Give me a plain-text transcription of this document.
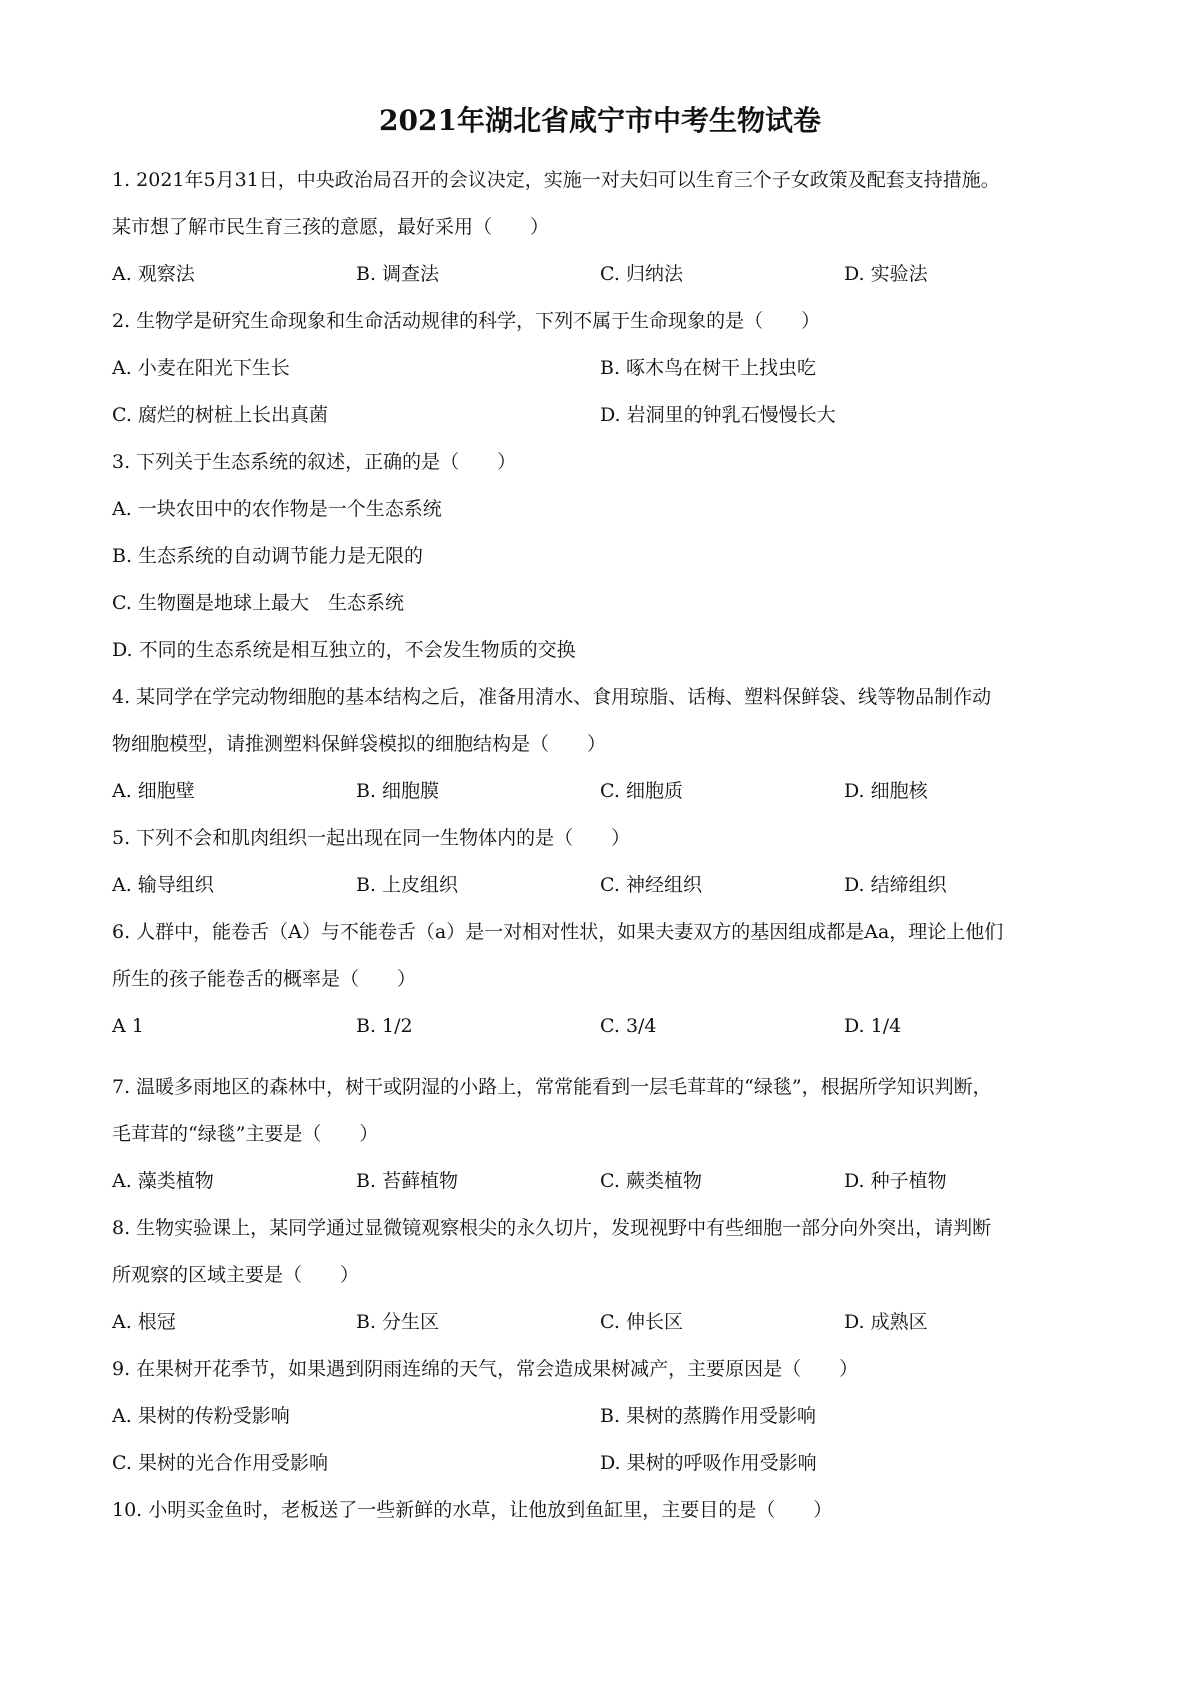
2021年湖北省咸宁市中考生物试卷
1. 2021年5月31日，中央政治局召开的会议决定，实施一对夫妇可以生育三个子女政策及配套支持措施。
某市想了解市民生育三孩的意愿，最好采用（　　）
A. 观察法	B. 调查法	C. 归纳法	D. 实验法
2. 生物学是研究生命现象和生命活动规律的科学，下列不属于生命现象的是（　　）
A. 小麦在阳光下生长	B. 啄木鸟在树干上找虫吃
C. 腐烂的树桩上长出真菌	D. 岩洞里的钟乳石慢慢长大
3. 下列关于生态系统的叙述，正确的是（　　）
A. 一块农田中的农作物是一个生态系统
B. 生态系统的自动调节能力是无限的
C. 生物圈是地球上最大　生态系统
D. 不同的生态系统是相互独立的，不会发生物质的交换
4. 某同学在学完动物细胞的基本结构之后，准备用清水、食用琼脂、话梅、塑料保鲜袋、线等物品制作动
物细胞模型，请推测塑料保鲜袋模拟的细胞结构是（　　）
A. 细胞壁	B. 细胞膜	C. 细胞质	D. 细胞核
5. 下列不会和肌肉组织一起出现在同一生物体内的是（　　）
A. 输导组织	B. 上皮组织	C. 神经组织	D. 结缔组织
6. 人群中，能卷舌（A）与不能卷舌（a）是一对相对性状，如果夫妻双方的基因组成都是Aa，理论上他们
所生的孩子能卷舌的概率是（　　）
A 1	B. 1/2	C. 3/4	D. 1/4
7. 温暖多雨地区的森林中，树干或阴湿的小路上，常常能看到一层毛茸茸的“绿毯”，根据所学知识判断，
毛茸茸的“绿毯”主要是（　　）
A. 藻类植物	B. 苔藓植物	C. 蕨类植物	D. 种子植物
8. 生物实验课上，某同学通过显微镜观察根尖的永久切片，发现视野中有些细胞一部分向外突出，请判断
所观察的区域主要是（　　）
A. 根冠	B. 分生区	C. 伸长区	D. 成熟区
9. 在果树开花季节，如果遇到阴雨连绵的天气，常会造成果树减产，主要原因是（　　）
A. 果树的传粉受影响	B. 果树的蒸腾作用受影响
C. 果树的光合作用受影响	D. 果树的呼吸作用受影响
10. 小明买金鱼时，老板送了一些新鲜的水草，让他放到鱼缸里，主要目的是（　　）
